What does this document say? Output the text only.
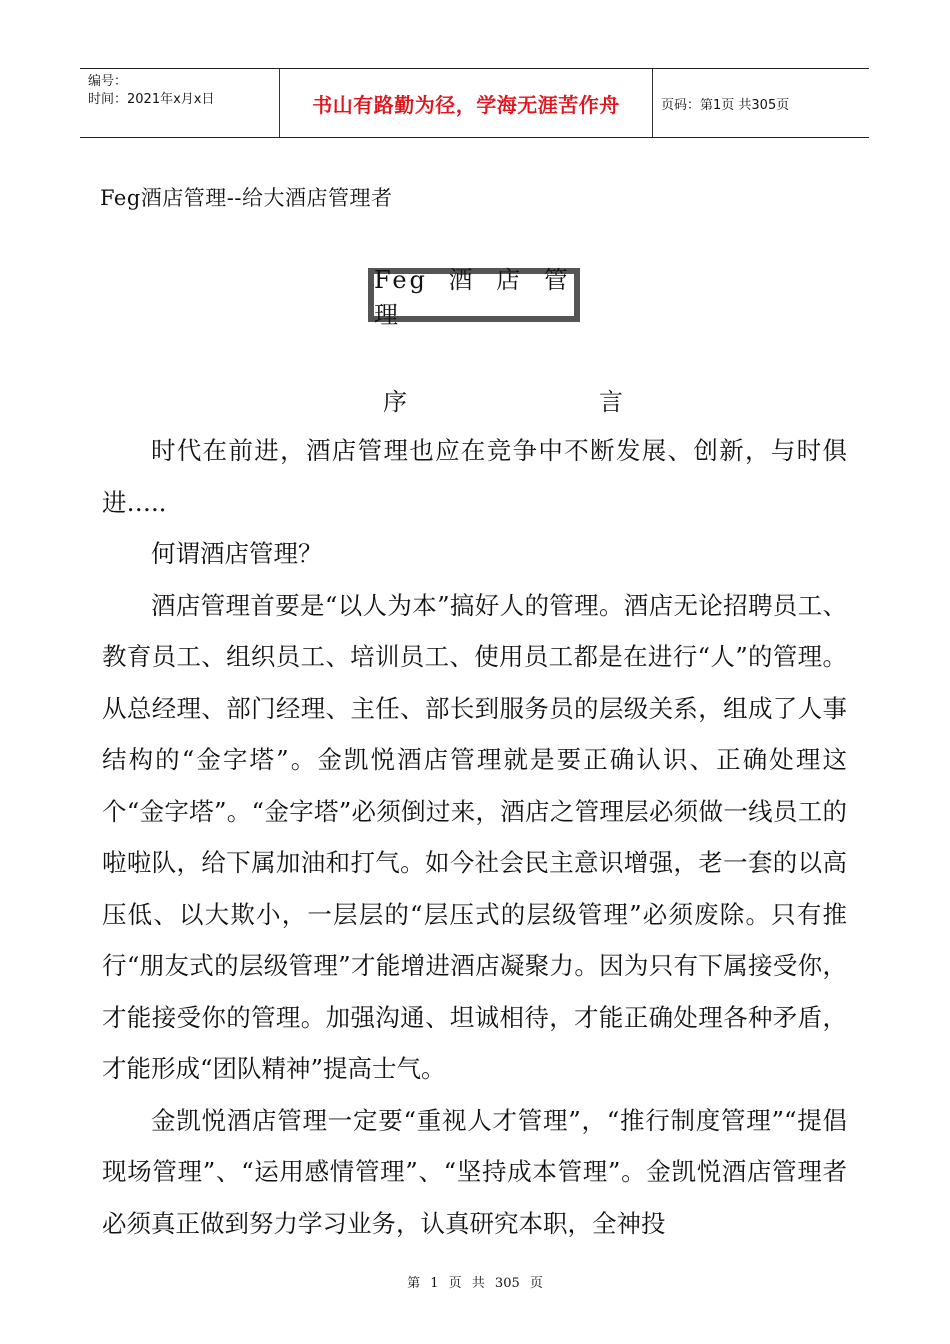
编号：
时间：2021年x月x日	书山有路勤为径，学海无涯苦作舟	页码：第1页 共305页
Feg酒店管理--给大酒店管理者
Feg 酒 店 管 理
序	言

时代在前进，酒店管理也应在竞争中不断发展、创新，与时俱进….．

何谓酒店管理？

酒店管理首要是“以人为本”搞好人的管理。酒店无论招聘员工、教育员工、组织员工、培训员工、使用员工都是在进行“人”的管理。从总经理、部门经理、主任、部长到服务员的层级关系，组成了人事结构的“金字塔”。金凯悦酒店管理就是要正确认识、正确处理这个“金字塔”。“金字塔”必须倒过来，酒店之管理层必须做一线员工的啦啦队，给下属加油和打气。如今社会民主意识增强，老一套的以高压低、以大欺小，一层层的“层压式的层级管理”必须废除。只有推行“朋友式的层级管理”才能增进酒店凝聚力。因为只有下属接受你，才能接受你的管理。加强沟通、坦诚相待，才能正确处理各种矛盾，才能形成“团队精神”提高士气。

金凯悦酒店管理一定要“重视人才管理”，“推行制度管理”“提倡现场管理”、“运用感情管理”、“坚持成本管理”。金凯悦酒店管理者必须真正做到努力学习业务，认真研究本职，全神投

第 1 页 共 305 页
